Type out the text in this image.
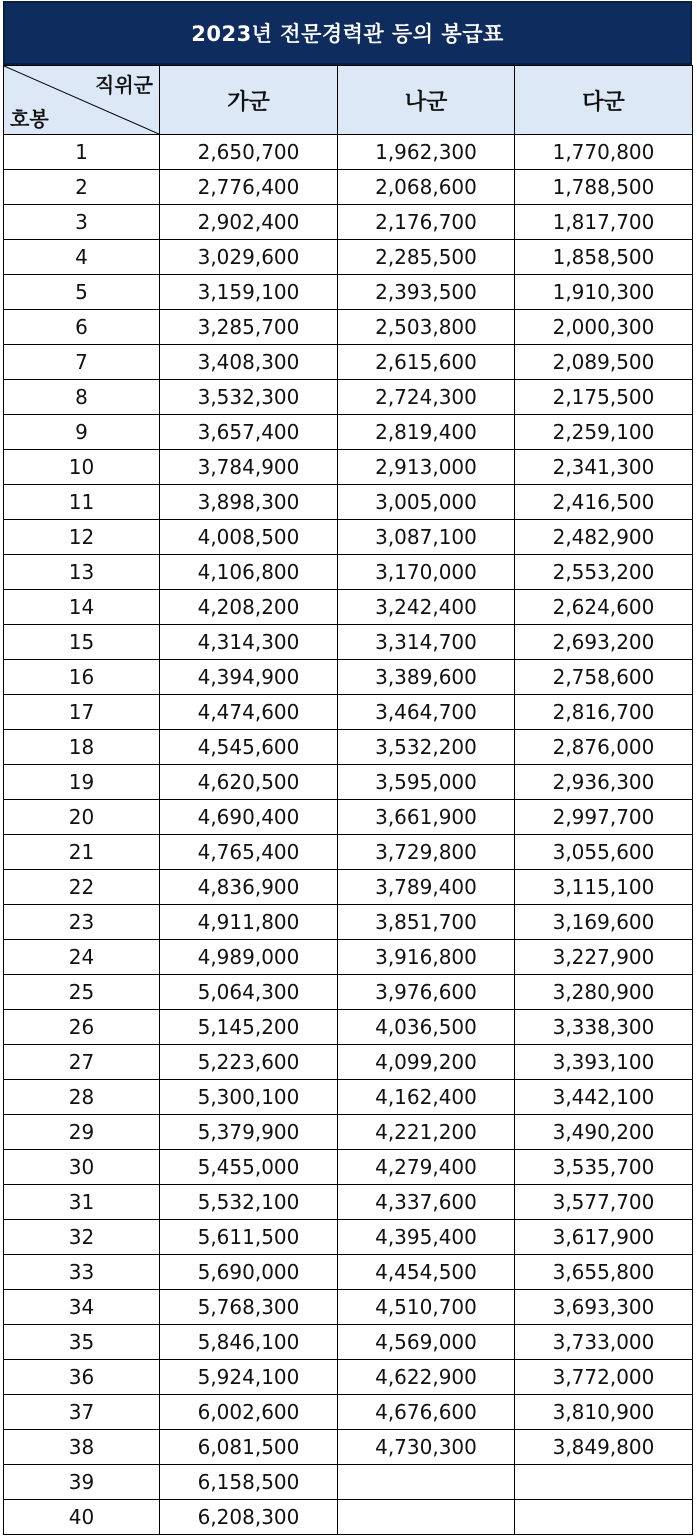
2023년 전문경력관 등의 봉급표
직위군
호봉	가군	나군	다군
1	2,650,700	1,962,300	1,770,800
2	2,776,400	2,068,600	1,788,500
3	2,902,400	2,176,700	1,817,700
4	3,029,600	2,285,500	1,858,500
5	3,159,100	2,393,500	1,910,300
6	3,285,700	2,503,800	2,000,300
7	3,408,300	2,615,600	2,089,500
8	3,532,300	2,724,300	2,175,500
9	3,657,400	2,819,400	2,259,100
10	3,784,900	2,913,000	2,341,300
11	3,898,300	3,005,000	2,416,500
12	4,008,500	3,087,100	2,482,900
13	4,106,800	3,170,000	2,553,200
14	4,208,200	3,242,400	2,624,600
15	4,314,300	3,314,700	2,693,200
16	4,394,900	3,389,600	2,758,600
17	4,474,600	3,464,700	2,816,700
18	4,545,600	3,532,200	2,876,000
19	4,620,500	3,595,000	2,936,300
20	4,690,400	3,661,900	2,997,700
21	4,765,400	3,729,800	3,055,600
22	4,836,900	3,789,400	3,115,100
23	4,911,800	3,851,700	3,169,600
24	4,989,000	3,916,800	3,227,900
25	5,064,300	3,976,600	3,280,900
26	5,145,200	4,036,500	3,338,300
27	5,223,600	4,099,200	3,393,100
28	5,300,100	4,162,400	3,442,100
29	5,379,900	4,221,200	3,490,200
30	5,455,000	4,279,400	3,535,700
31	5,532,100	4,337,600	3,577,700
32	5,611,500	4,395,400	3,617,900
33	5,690,000	4,454,500	3,655,800
34	5,768,300	4,510,700	3,693,300
35	5,846,100	4,569,000	3,733,000
36	5,924,100	4,622,900	3,772,000
37	6,002,600	4,676,600	3,810,900
38	6,081,500	4,730,300	3,849,800
39	6,158,500		
40	6,208,300		
